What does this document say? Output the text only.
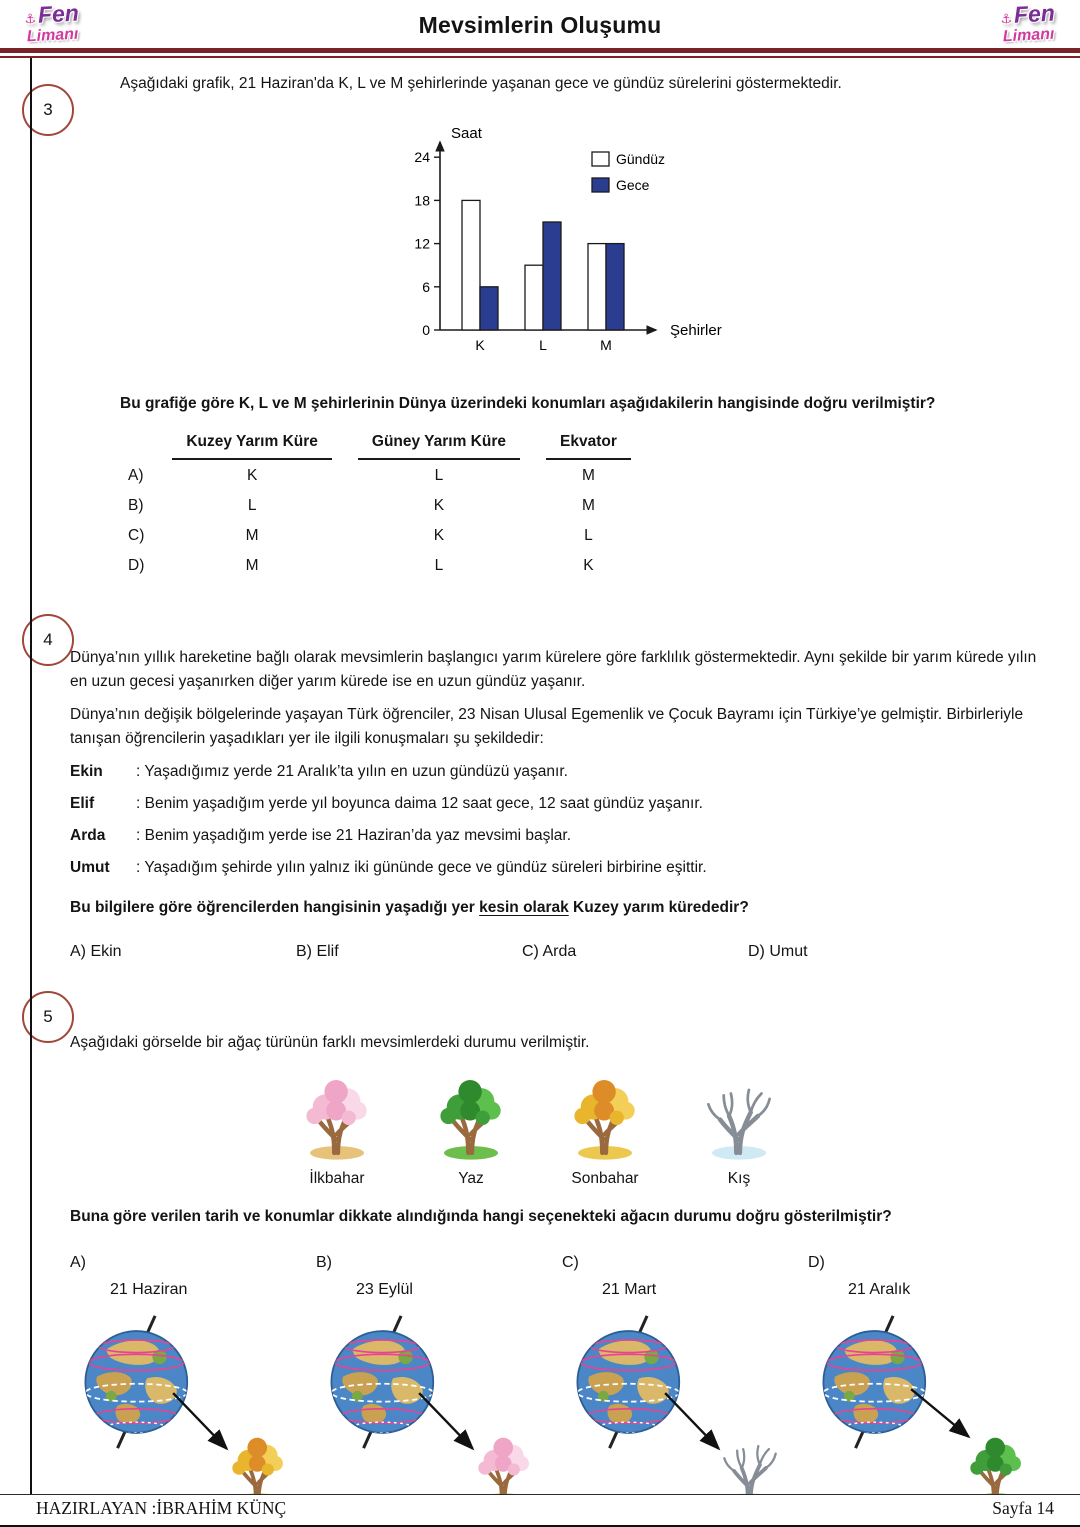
⚓Fen
Limanı	Mevsimlerin Oluşumu	⚓Fen
Limanı
3

Aşağıdaki grafik, 21 Haziran'da K, L ve M şehirlerinde yaşanan gece ve gündüz sürelerini göstermektedir.

Saat
Şehirler
0
6
12
18
24
K	L	M
Gündüz
Gece

Bu grafiğe göre K, L ve M şehirlerinin Dünya üzerindeki konumları aşağıdakilerin hangisinde doğru verilmiştir?

	Kuzey Yarım Küre	Güney Yarım Küre	Ekvator
A)	K	L	M
B)	L	K	M
C)	M	K	L
D)	M	L	K
4

Dünya’nın yıllık hareketine bağlı olarak mevsimlerin başlangıcı yarım kürelere göre farklılık göstermektedir. Aynı şekilde bir yarım kürede yılın en uzun gecesi yaşanırken diğer yarım kürede ise en uzun gündüz yaşanır.

Dünya’nın değişik bölgelerinde yaşayan Türk öğrenciler, 23 Nisan Ulusal Egemenlik ve Çocuk Bayramı için Türkiye’ye gelmiştir. Birbirleriyle tanışan öğrencilerin yaşadıkları yer ile ilgili konuşmaları şu şekildedir:

Ekin	: Yaşadığımız yerde 21 Aralık’ta yılın en uzun gündüzü yaşanır.
Elif	: Benim yaşadığım yerde yıl boyunca daima 12 saat gece, 12 saat gündüz yaşanır.
Arda	: Benim yaşadığım yerde ise 21 Haziran’da yaz mevsimi başlar.
Umut	: Yaşadığım şehirde yılın yalnız iki gününde gece ve gündüz süreleri birbirine eşittir.

Bu bilgilere göre öğrencilerden hangisinin yaşadığı yer kesin olarak Kuzey yarım kürededir?

A) Ekin	B) Elif	C) Arda	D) Umut
5

Aşağıdaki görselde bir ağaç türünün farklı mevsimlerdeki durumu verilmiştir.

İlkbahar	Yaz	Sonbahar	Kış

Buna göre verilen tarih ve konumlar dikkate alındığında hangi seçenekteki ağacın durumu doğru gösterilmiştir?

A)
21 Haziran
B)
23 Eylül
C)
21 Mart
D)
21 Aralık
HAZIRLAYAN :İBRAHİM KÜNÇ	Sayfa 14
